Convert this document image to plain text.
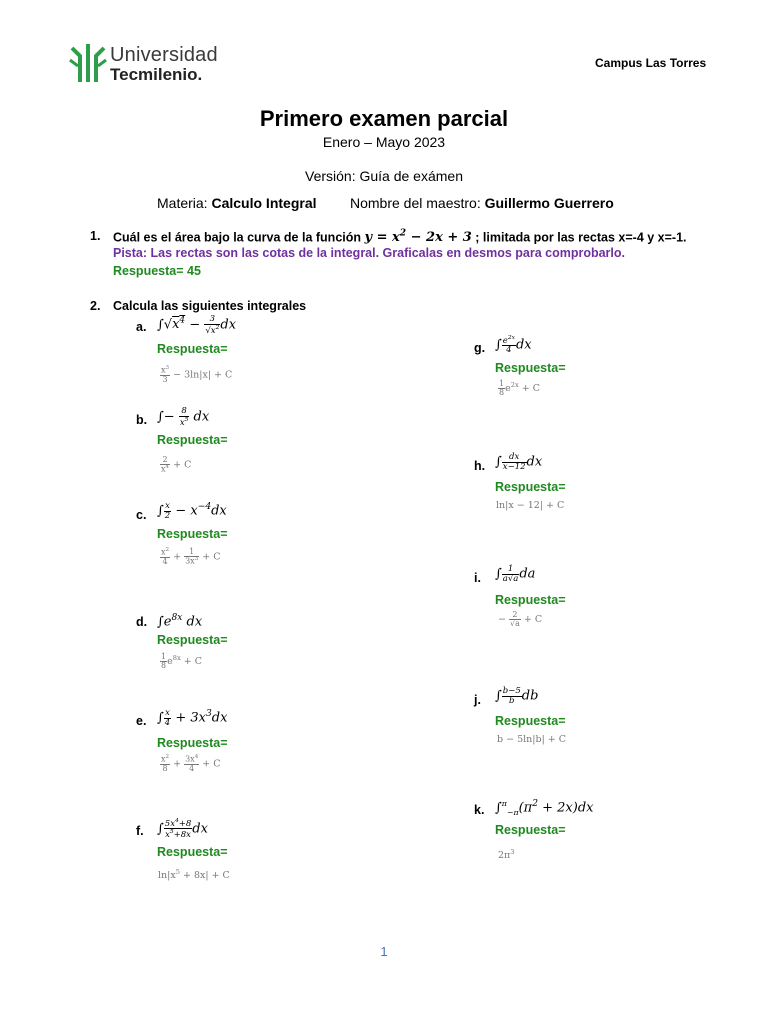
Universidad
Tecmilenio.
Campus Las Torres
Primero examen parcial
Enero – Mayo 2023
Versión: Guía de exámen
Materia: Calculo Integral Nombre del maestro: Guillermo Guerrero
1. Cuál es el área bajo la curva de la función $y = x^2 - 2x + 3$ ; limitada por las rectas x=-4 y x=-1.
Pista: Las rectas son las cotas de la integral. Graficalas en desmos para comprobarlo.
Respuesta= 45
2. Calcula las siguientes integrales
a. $\int√x^4 - \frac{3}{√x^2}$ dx
Respuesta=
$\frac{x^3}{3} - 3\ln|x| + C$
b. ∫− $\frac{8}{x^5}$ dx
Respuesta=
$\frac{2}{x^4} + C$
c. ∫ $\frac{x}{2} - x^{-4}dx$
Respuesta=
$\frac{x^2}{4} + \frac{1}{3x^3} + C$
d. $\int e^{8x}$ dx
Respuesta=
$\frac{1}{8} e^{8x} + C$
e. ∫ $\frac{x}{4} + 3x^3dx$
Respuesta=
$\frac{x^2}{8} + \frac{3x^4}{4} + C$
f. ∫ $\frac{5x^4+8}{x^5+8x}$ dx
Respuesta=
$\ln|x^5 + 8x| + C$
g. ∫ $\frac{e^{2x}}{4}$ dx
Respuesta=
$\frac{1}{8} e^{2x} + C$
h. ∫ $\frac{dx}{x-12}$ dx
Respuesta=
ln|x − 12| + C
i. ∫ $\frac{1}{a√a}$ da
Respuesta=
− $\frac{2}{√a} + C$
j. ∫ $\frac{b-5}{b}$ db
Respuesta=
b − 5ln|b| + C
k. $\int^\pi_{-\pi}(\pi^2 + 2x)dx$
Respuesta=
$2\pi^3$
1
